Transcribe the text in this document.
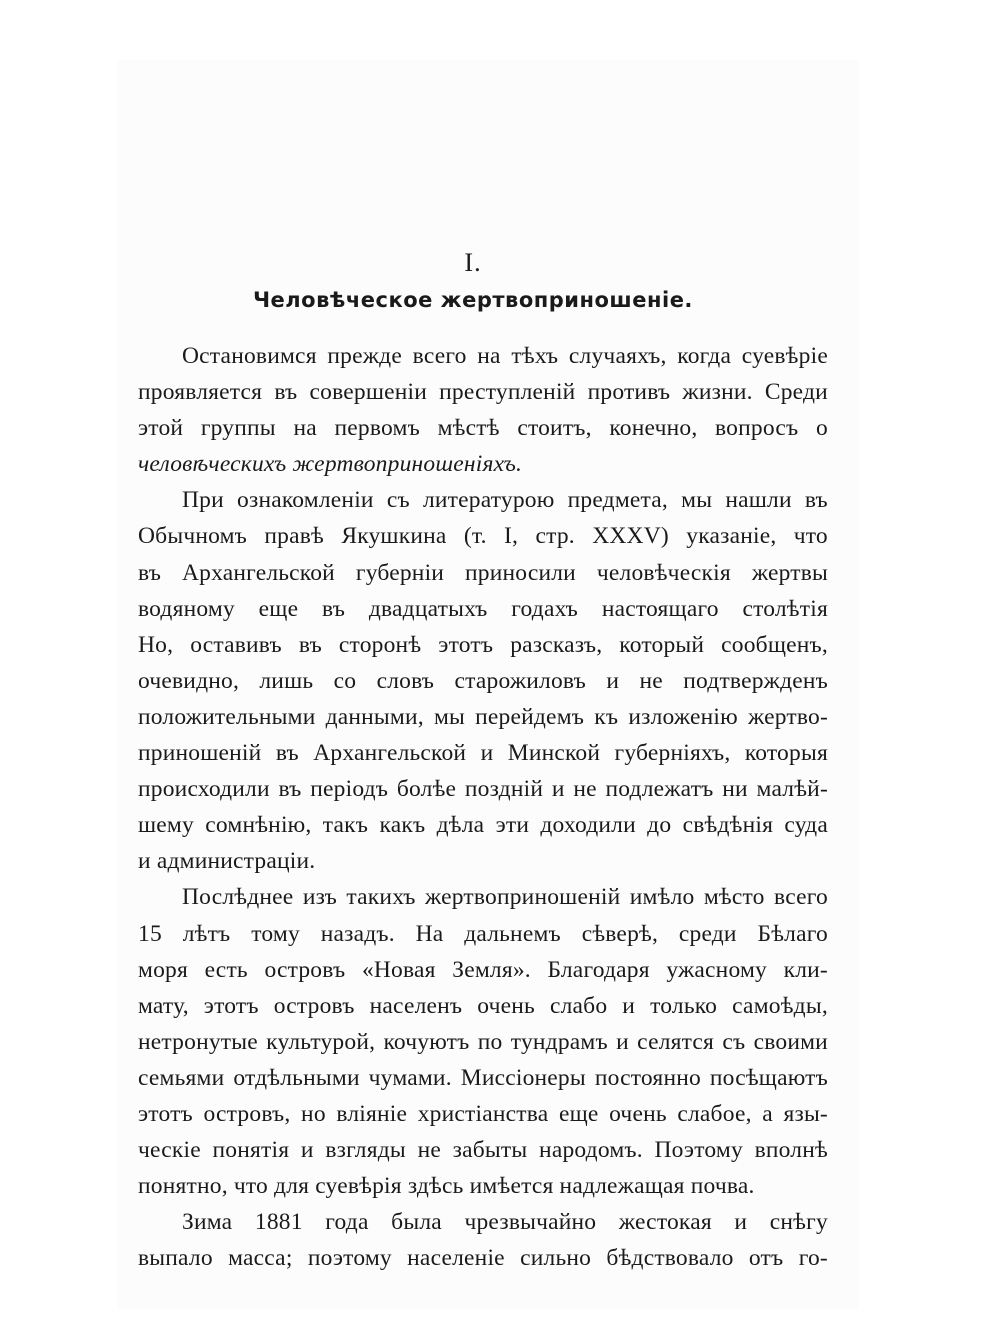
I.
Человѣческое жертвоприношеніе.
Остановимся прежде всего на тѣхъ случаяхъ, когда суевѣріе
проявляется въ совершеніи преступленій противъ жизни. Среди
этой группы на первомъ мѣстѣ стоитъ, конечно, вопросъ о
человѣческихъ жертвоприношеніяхъ.
При ознакомленіи съ литературою предмета, мы нашли въ
Обычномъ правѣ Якушкина (т. I, стр. XXXV) указаніе, что
въ Архангельской губерніи приносили человѣческія жертвы
водяному еще въ двадцатыхъ годахъ настоящаго столѣтія
Но, оставивъ въ сторонѣ этотъ разсказъ, который сообщенъ,
очевидно, лишь со словъ старожиловъ и не подтвержденъ
положительными данными, мы перейдемъ къ изложенію жертво-
приношеній въ Архангельской и Минской губерніяхъ, которыя
происходили въ періодъ болѣе поздній и не подлежатъ ни малѣй-
шему сомнѣнію, такъ какъ дѣла эти доходили до свѣдѣнія суда
и администраціи.
Послѣднее изъ такихъ жертвоприношеній имѣло мѣсто всего
15 лѣтъ тому назадъ. На дальнемъ сѣверѣ, среди Бѣлаго
моря есть островъ «Новая Земля». Благодаря ужасному кли-
мату, этотъ островъ населенъ очень слабо и только самоѣды,
нетронутые культурой, кочуютъ по тундрамъ и селятся съ своими
семьями отдѣльными чумами. Миссіонеры постоянно посѣщаютъ
этотъ островъ, но вліяніе христіанства еще очень слабое, а язы-
ческіе понятія и взгляды не забыты народомъ. Поэтому вполнѣ
понятно, что для суевѣрія здѣсь имѣется надлежащая почва.
Зима 1881 года была чрезвычайно жестокая и снѣгу
выпало масса; поэтому населеніе сильно бѣдствовало отъ го-
